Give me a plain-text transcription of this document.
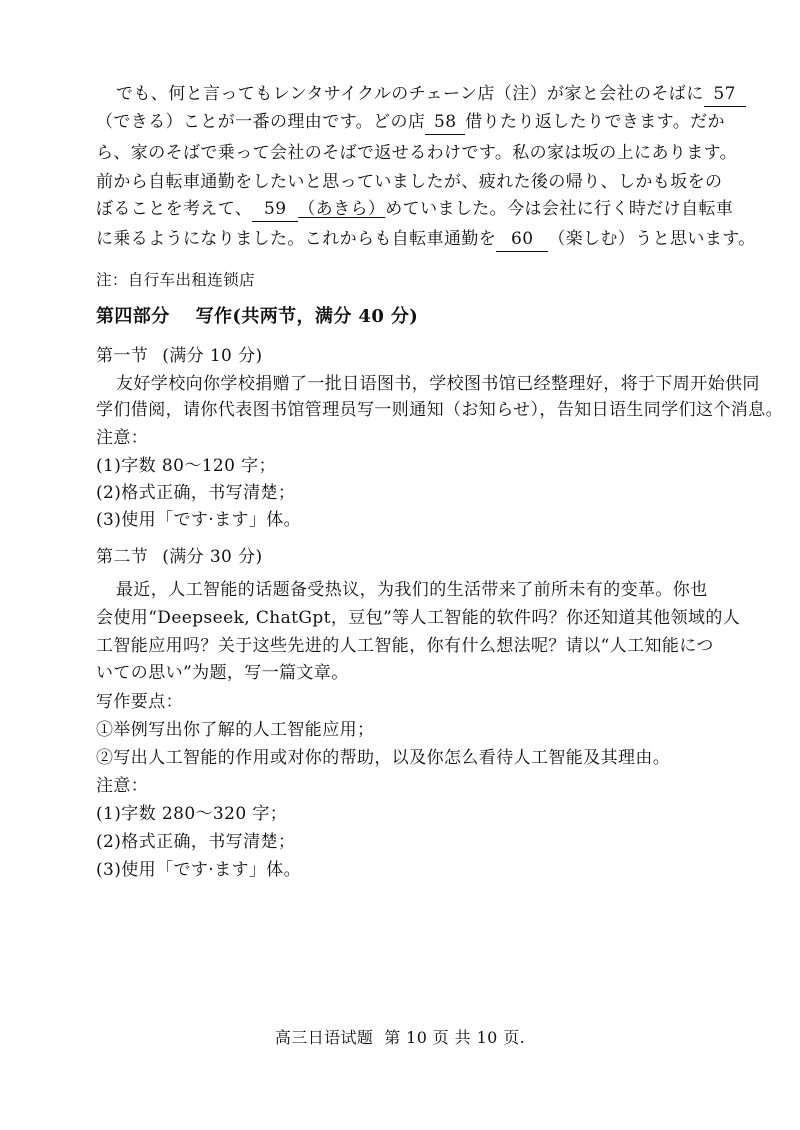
でも、何と言ってもレンタサイクルのチェーン店（注）が家と会社のそばに 57
（できる）ことが一番の理由です。どの店 58 借りたり返したりできます。だか
ら、家のそばで乗って会社のそばで返せるわけです。私の家は坂の上にあります。
前から自転車通勤をしたいと思っていましたが、疲れた後の帰り、しかも坂をの
ぼることを考えて、 59 （あきら）めていました。今は会社に行く時だけ自転車
に乗るようになりました。これからも自転車通勤を 60 （楽しむ）うと思います。
注：自行车出租连锁店
第四部分 写作(共两节，满分 40 分)
第一节 (满分 10 分)
友好学校向你学校捐赠了一批日语图书，学校图书馆已经整理好，将于下周开始供同
学们借阅，请你代表图书馆管理员写一则通知（お知らせ），告知日语生同学们这个消息。
注意：
(1)字数 80～120 字；
(2)格式正确，书写清楚；
(3)使用「です·ます」体。
第二节 (满分 30 分)
最近，人工智能的话题备受热议，为我们的生活带来了前所未有的变革。你也
会使用“Deepseek, ChatGpt，豆包”等人工智能的软件吗？你还知道其他领域的人
工智能应用吗？关于这些先进的人工智能，你有什么想法呢？请以“人工知能につ
いての思い”为题，写一篇文章。
写作要点：
①举例写出你了解的人工智能应用；
②写出人工智能的作用或对你的帮助，以及你怎么看待人工智能及其理由。
注意：
(1)字数 280～320 字；
(2)格式正确，书写清楚；
(3)使用「です·ます」体。
高三日语试题  第 10 页 共 10 页.
